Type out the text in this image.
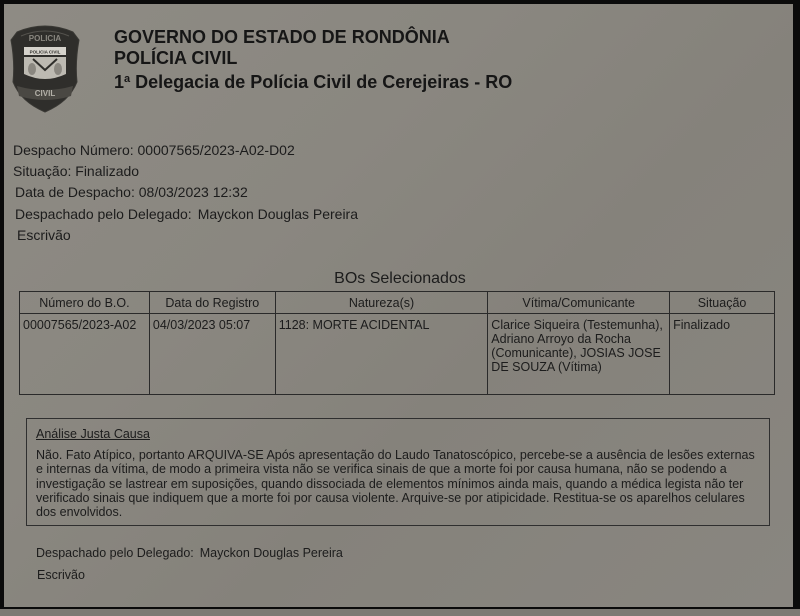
POLICIA
POLICIA CIVIL
CIVIL
GOVERNO DO ESTADO DE RONDÔNIA
POLÍCIA CIVIL
1$^a$ Delegacia de Polícia Civil de Cerejeiras - RO
Despacho Número: 00007565/2023-A02-D02
Situação: Finalizado
Data de Despacho: 08/03/2023 12:32
Despachado pelo Delegado: Mayckon Douglas Pereira
Escrivão
BOs Selecionados
Número do B.O.	Data do Registro	Natureza(s)	Vítima/Comunicante	Situação
00007565/2023-A02	04/03/2023 05:07	1128: MORTE ACIDENTAL	Clarice Siqueira (Testemunha), Adriano Arroyo da Rocha (Comunicante), JOSIAS JOSE DE SOUZA (Vítima)	Finalizado
Análise Justa Causa
Não. Fato Atípico, portanto ARQUIVA-SE Após apresentação do Laudo Tanatoscópico, percebe-se a ausência de lesões externas e internas da vítima, de modo a primeira vista não se verifica sinais de que a morte foi por causa humana, não se podendo a investigação se lastrear em suposições, quando dissociada de elementos mínimos ainda mais, quando a médica legista não ter verificado sinais que indiquem que a morte foi por causa violente. Arquive-se por atipicidade. Restitua-se os aparelhos celulares dos envolvidos.
Despachado pelo Delegado: Mayckon Douglas Pereira
Escrivão
